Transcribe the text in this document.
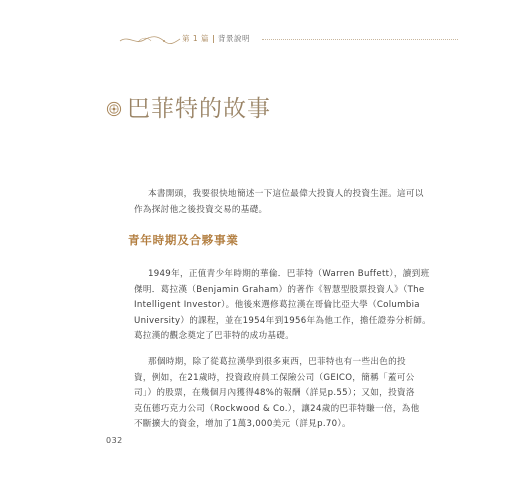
第 1 篇 背景說明
巴菲特的故事
本書開頭，我要很快地簡述一下這位最偉大投資人的投資生涯。這可以
作為探討他之後投資交易的基礎。
青年時期及合夥事業
1949年，正值青少年時期的華倫．巴菲特（Warren Buffett），讀到班
傑明．葛拉漢（Benjamin Graham）的著作《智慧型股票投資人》（The
Intelligent Investor）。他後來選修葛拉漢在哥倫比亞大學（Columbia
University）的課程，並在1954年到1956年為他工作，擔任證券分析師。
葛拉漢的觀念奠定了巴菲特的成功基礎。
那個時期，除了從葛拉漢學到很多東西，巴菲特也有一些出色的投
資，例如，在21歲時，投資政府員工保險公司（GEICO，簡稱「蓋可公
司」）的股票，在幾個月內獲得48%的報酬（詳見p.55）；又如，投資洛
克伍德巧克力公司（Rockwood & Co.），讓24歲的巴菲特賺一倍，為他
不斷擴大的資金，增加了1萬3,000美元（詳見p.70）。
032
